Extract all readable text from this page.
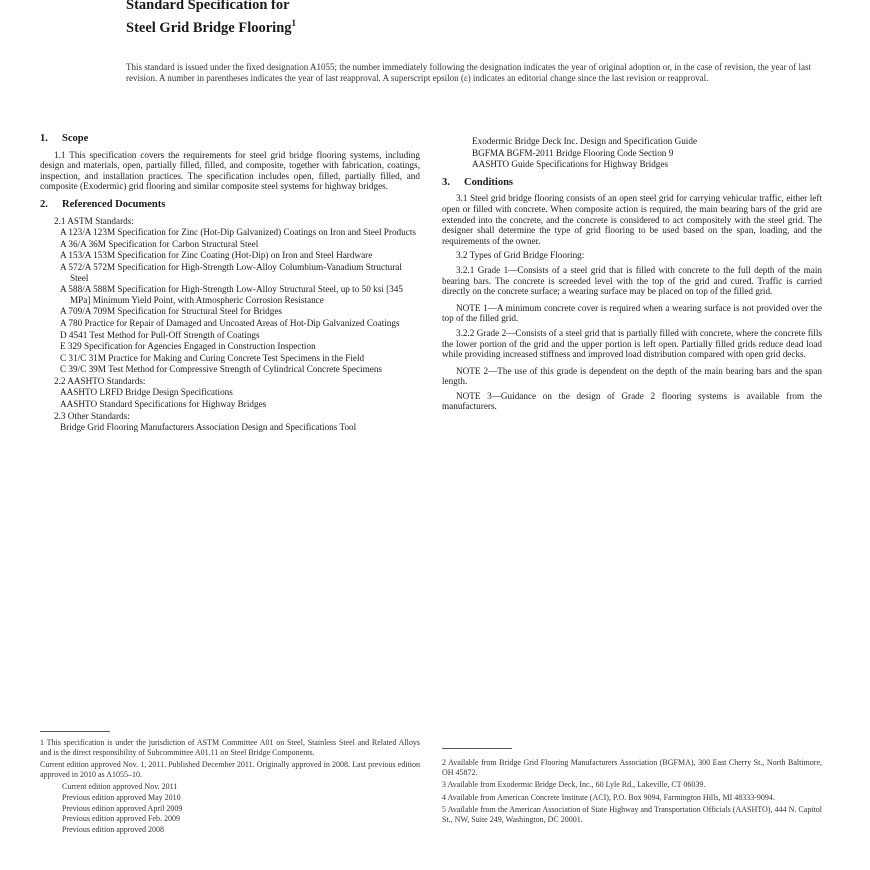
Standard Specification for
Steel Grid Bridge Flooring$^1$
This standard is issued under the fixed designation A1055; the number immediately following the designation indicates the year of original adoption or, in the case of revision, the year of last revision. A number in parentheses indicates the year of last reapproval. A superscript epsilon (ε) indicates an editorial change since the last revision or reapproval.
1. Scope

1.1 This specification covers the requirements for steel grid bridge flooring systems, including design and materials, open, partially filled, filled, and composite, together with fabrication, coatings, inspection, and installation practices. The specification includes open, filled, partially filled, and composite (Exodermic) grid flooring and similar composite steel systems for highway bridges.

2. Referenced Documents
2.1 ASTM Standards:
A 123/A 123M Specification for Zinc (Hot-Dip Galvanized) Coatings on Iron and Steel Products
A 36/A 36M Specification for Carbon Structural Steel
A 153/A 153M Specification for Zinc Coating (Hot-Dip) on Iron and Steel Hardware
A 572/A 572M Specification for High-Strength Low-Alloy Columbium-Vanadium Structural Steel
A 588/A 588M Specification for High-Strength Low-Alloy Structural Steel, up to 50 ksi [345 MPa] Minimum Yield Point, with Atmospheric Corrosion Resistance
A 709/A 709M Specification for Structural Steel for Bridges
A 780 Practice for Repair of Damaged and Uncoated Areas of Hot-Dip Galvanized Coatings
D 4541 Test Method for Pull-Off Strength of Coatings
E 329 Specification for Agencies Engaged in Construction Inspection
C 31/C 31M Practice for Making and Curing Concrete Test Specimens in the Field
C 39/C 39M Test Method for Compressive Strength of Cylindrical Concrete Specimens
2.2 AASHTO Standards:
AASHTO LRFD Bridge Design Specifications
AASHTO Standard Specifications for Highway Bridges
2.3 Other Standards:
Bridge Grid Flooring Manufacturers Association Design and Specifications Tool
Exodermic Bridge Deck Inc. Design and Specification Guide
BGFMA BGFM-2011 Bridge Flooring Code Section 9
AASHTO Guide Specifications for Highway Bridges
3. Conditions

3.1 Steel grid bridge flooring consists of an open steel grid for carrying vehicular traffic, either left open or filled with concrete. When composite action is required, the main bearing bars of the grid are extended into the concrete, and the concrete is considered to act compositely with the steel grid. The designer shall determine the type of grid flooring to be used based on the span, loading, and the requirements of the owner.

3.2 Types of Grid Bridge Flooring:

3.2.1 Grade 1—Consists of a steel grid that is filled with concrete to the full depth of the main bearing bars. The concrete is screeded level with the top of the grid and cured. Traffic is carried directly on the concrete surface; a wearing surface may be placed on top of the filled grid.

NOTE 1—A minimum concrete cover is required when a wearing surface is not provided over the top of the filled grid.

3.2.2 Grade 2—Consists of a steel grid that is partially filled with concrete, where the concrete fills the lower portion of the grid and the upper portion is left open. Partially filled grids reduce dead load while providing increased stiffness and improved load distribution compared with open grid decks.

NOTE 2—The use of this grade is dependent on the depth of the main bearing bars and the span length.

NOTE 3—Guidance on the design of Grade 2 flooring systems is available from the manufacturers.

1 This specification is under the jurisdiction of ASTM Committee A01 on Steel, Stainless Steel and Related Alloys and is the direct responsibility of Subcommittee A01.11 on Steel Bridge Components.

Current edition approved Nov. 1, 2011. Published December 2011. Originally approved in 2008. Last previous edition approved in 2010 as A1055–10.

Current edition approved Nov. 2011
Previous edition approved May 2010
Previous edition approved April 2009
Previous edition approved Feb. 2009
Previous edition approved 2008

2 Available from Bridge Grid Flooring Manufacturers Association (BGFMA), 300 East Cherry St., North Baltimore, OH 45872.

3 Available from Exodermic Bridge Deck, Inc., 60 Lyle Rd., Lakeville, CT 06039.

4 Available from American Concrete Institute (ACI), P.O. Box 9094, Farmington Hills, MI 48333-9094.

5 Available from the American Association of State Highway and Transportation Officials (AASHTO), 444 N. Capitol St., NW, Suite 249, Washington, DC 20001.
